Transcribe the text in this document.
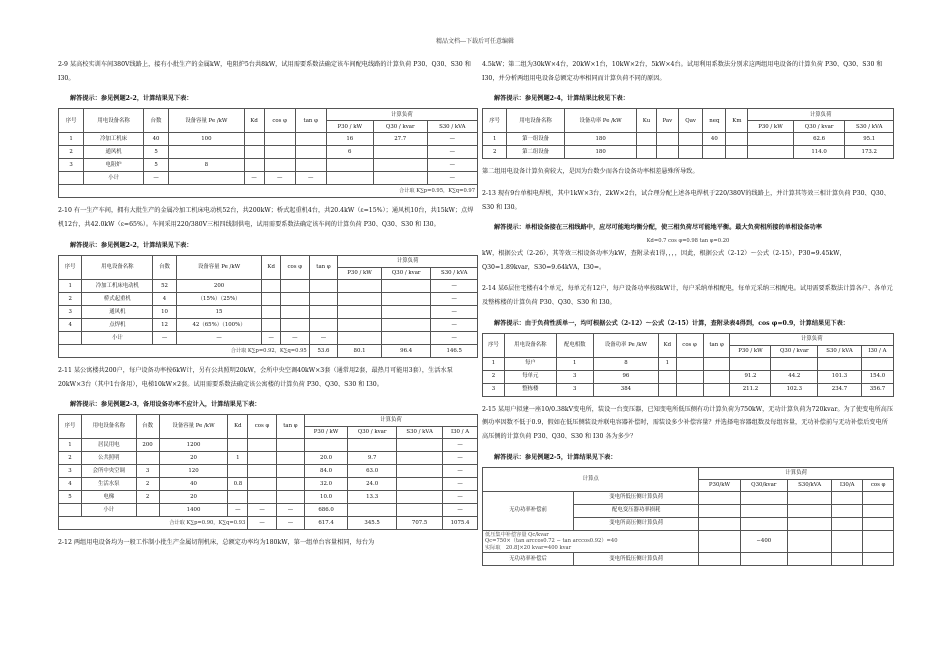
精品文档---下载后可任意编辑

2-9 某高校实训车间380V线路上，接有小批生产的金属kW，电阻炉5台共8kW，试用需要系数法确定该车间配电线路的计算负荷 P30、Q30、S30 和 I30。

解答提示：参见例题2-2，计算结果见下表：

序号	用电设备名称	台数	设备容量 Pe /kW	Kd	cos φ	tan φ	计算负荷		
							P30 / kW	Q30 / kvar	S30 / kVA
1	冷加工机床	40	100				16	27.7	—
2	通风机	5					6		—
3	电阻炉	5	8						—
	小计	—		—	—	—			—
合计取 K∑p=0.95，K∑q=0.97									

2-10 有一生产车间，拥有大批生产的金属冷加工机床电动机52台，共200kW；桥式起重机4台，共20.4kW（ε=15%）；通风机10台，共15kW；点焊机12台，共42.0kW（ε=65%）。车间采用220/380V三相四线制供电，试用需要系数法确定该车间的计算负荷 P30、Q30、S30 和 I30。

解答提示：参见例题2-2，计算结果见下表：

序号	用电设备名称	台数	设备容量 Pe /kW	Kd	cos φ	tan φ	计算负荷		
							P30 / kW	Q30 / kvar	S30 / kVA
1	冷加工机床电动机	52	200						—
2	桥式起重机	4	（15%）（25%）						—
3	通风机	10	15						—
4	点焊机	12	42（65%）（100%）						—
	小计	—	—	—	—	—			—
合计取 K∑p=0.92，K∑q=0.95						53.6	80.1	96.4	146.5

2-11 某公寓楼共200户，每户设备功率按6kW计，另有公共照明20kW，会所中央空调40kW×3套（通常用2套，最热月可能用3套），生活水泵20kW×3台（其中1台备用），电梯10kW×2套。试用需要系数法确定该公寓楼的计算负荷 P30、Q30、S30 和 I30。

解答提示：参见例题2-3，备用设备功率不应计入，计算结果见下表：

序号	用电设备名称	台数	设备容量 Pe /kW	Kd	cos φ	tan φ	计算负荷			
							P30 / kW	Q30 / kvar	S30 / kVA	I30 / A
1	居民用电	200	1200							—
2	公共照明		20	1			20.0	9.7		—
3	会所中央空调	3	120				84.0	63.0		—
4	生活水泵	2	40	0.8			32.0	24.0		—
5	电梯	2	20				10.0	13.3		—
	小计		1400	—	—	—	686.0			—
合计取 K∑p=0.90，K∑q=0.93					—	—	617.4	345.5	707.5	1075.4

2-12 两组用电设备均为一般工作制小批生产金属切削机床，总额定功率均为180kW，第一组单台容量相同，每台为

4.5kW；第二组为30kW×4台，20kW×1台，10kW×2台，5kW×4台。试用利用系数法分别求这两组用电设备的计算负荷 P30、Q30、S30 和 I30，并分析两组用电设备总额定功率相同而计算负荷不同的原因。

解答提示：参见例题2-4，计算结果比较见下表：

序号	用电设备名称	设备功率 Pe /kW	Ku	Pav	Qav	neq	Km	计算负荷		
								P30 / kW	Q30 / kvar	S30 / kVA
1	第一组设备	180				40			62.6	95.1
2	第二组设备	180							114.0	173.2

第二组用电设备计算负荷较大，是因为台数少而各台设备功率相差悬殊所导致。

2-13 现有9台单相电焊机，其中1kW×3台，2kW×2台，试合理分配上述各电焊机于220/380V的线路上，并计算其等效三相计算负荷 P30、Q30、S30 和 I30。

解答提示：单相设备接在三相线路中，应尽可能地均衡分配，使三相负荷尽可能地平衡。最大负荷相所接的单相设备功率

Kd=0.7 cos φ=0.98 tan φ=0.20

kW，根据公式（2-26），其等效三相设备功率为kW，查附录表1得，，，，因此，根据公式（2-12）～公式（2-15），P30=9.45kW，Q30=1.89kvar，S30=9.64kVA，I30=。

2-14 某6层住宅楼有4个单元，每单元有12户，每户设备功率按8kW计，每户采纳单相配电，每单元采纳三相配电。试用需要系数法计算各户、各单元及整栋楼的计算负荷 P30、Q30、S30 和 I30。

解答提示：由于负荷性质单一，均可根据公式（2-12）～公式（2-15）计算，查附录表4得到，cos φ=0.9，计算结果见下表：

序号	用电设备名称	配电相数	设备功率 Pe /kW	Kd	cos φ	tan φ	计算负荷			
							P30 / kW	Q30 / kvar	S30 / kVA	I30 / A
1	每户	1	8	1						
2	每单元	3	96				91.2	44.2	101.3	154.0
3	整栋楼	3	384				211.2	102.3	234.7	356.7

2-15 某用户拟建一座10/0.38kV变电所，装设一台变压器，已知变电所低压侧有功计算负荷为750kW，无功计算负荷为720kvar。为了使变电所高压侧功率因数不低于0.9，假如在低压侧装设并联电容器补偿时，需装设多少补偿容量？并选择电容器组数及每组容量，无功补偿前与无功补偿后变电所高压侧的计算负荷 P30、Q30、S30 和 I30 各为多少？

解答提示：参见例题2-5，计算结果见下表：

计算点		计算负荷				
		P30/kW	Q30/kvar	S30/kVA	I30/A	cos φ
无功功率补偿前	变电所低压侧计算负荷					
	配电变压器功率损耗					
	变电所高压侧计算负荷					

低压集中补偿容量 Qc/kvar
Qc=750×（tan arccos0.72 − tan arccos0.92）=40
实际取　20.8]×20 kvar=400 kvar			−400			
无功功率补偿后	变电所低压侧计算负荷					
